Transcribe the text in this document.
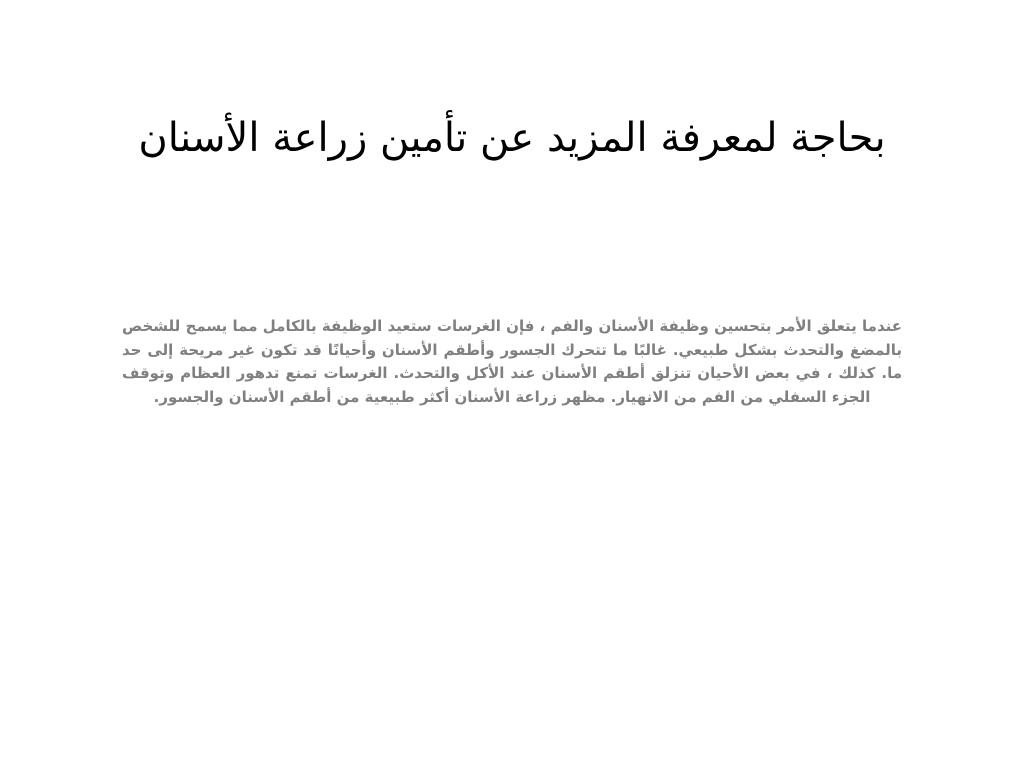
بحاجة لمعرفة المزيد عن تأمين زراعة الأسنان

عندما يتعلق الأمر بتحسين وظيفة الأسنان والفم ، فإن الغرسات ستعيد الوظيفة بالكامل مما يسمح للشخص بالمضغ والتحدث بشكل طبيعي. غالبًا ما تتحرك الجسور وأطقم الأسنان وأحيانًا قد تكون غير مريحة إلى حد ما. كذلك ، في بعض الأحيان تنزلق أطقم الأسنان عند الأكل والتحدث. الغرسات تمنع تدهور العظام وتوقف الجزء السفلي من الفم من الانهيار. مظهر زراعة الأسنان أكثر طبيعية من أطقم الأسنان والجسور.
